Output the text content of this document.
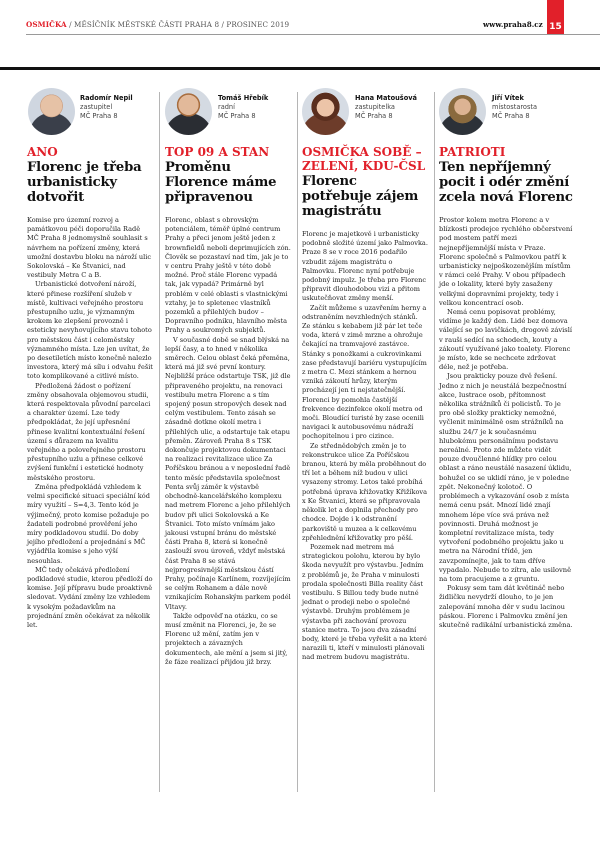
OSMIČKA / MĚSÍČNÍK MĚSTSKÉ ČÁSTI PRAHA 8 / PROSINEC 2019	www.praha8.cz 15
Radomír Nepil
zastupitel
MČ Praha 8
ANO
Florenc je třeba urbanisticky dotvořit

Komise pro územní rozvoj a památkovou péči doporučila Radě MČ Praha 8 jednomyslně souhlasit s návrhem na pořízení změny, která umožní dostavbu bloku na nároží ulic Sokolovská – Ke Štvanici, nad vestibuly Metra C a B.

Urbanistické dotvoření nároží, které přinese rozšíření služeb v místě, kultivaci veřejného prostoru přestupního uzlu, je významným krokem ke zlepšení provozně i esteticky nevyhovujícího stavu tohoto pro městskou část i celoměstsky významného místa. Lze jen uvítat, že po desetiletích místo konečně nalezlo investora, který má sílu i odvahu řešit toto komplikované a citlivé místo.

Předložená žádost o pořízení změny obsahovala objemovou studii, která respektovala původní parcelaci a charakter území. Lze tedy předpokládat, že její upřesnění přinese kvalitní kontextuální řešení území s důrazem na kvalitu veřejného a poloveřejného prostoru přestupního uzlu a přinese celkové zvýšení funkční i estetické hodnoty městského prostoru.

Změna předpokládá vzhledem k velmi specifické situaci speciální kód míry využití – S=4,3. Tento kód je výjimečný, proto komise požaduje po žadateli podrobné prověření jeho míry podkladovou studií. Do doby jejího předložení a projednání s MČ vyjádřila komise s jeho výší nesouhlas.

MČ tedy očekává předložení podkladové studie, kterou předloží do komise. Její přípravu bude proaktivně sledovat. Vydání změny lze vzhledem k vysokým požadavkům na projednání změn očekávat za několik let.

Tomáš Hřebík
radní
MČ Praha 8
TOP 09 A STAN
Proměnu Florence máme připravenou

Florenc, oblast s obrovským potenciálem, téměř úplné centrum Prahy a přeci jenom ještě jeden z brownfieldů neboli deprimujících zón. Člověk se pozastaví nad tím, jak je to v centru Prahy ještě v této době možné. Proč stále Florenc vypadá tak, jak vypadá? Primárně byl problém v celé oblasti s vlastnickými vztahy, je to spletenec vlastníků pozemků a přilehlých budov – Dopravního podniku, hlavního města Prahy a soukromých subjektů.

V současné době se snad blýská na lepší časy, a to hned v několika směrech. Celou oblast čeká přeměna, která má již své první kontury. Nejbližší práce odstartuje TSK, již dle připraveného projektu, na renovaci vestibulu metra Florenc a s tím spojený posun stropových desek nad celým vestibulem. Tento zásah se zásadně dotkne okolí metra i přilehlých ulic, a odstartuje tak etapu přeměn. Zároveň Praha 8 s TSK dokončuje projektovou dokumentaci na realizaci revitalizace ulice Za Poříčskou bránou a v neposlední řadě tento měsíc představila společnost Penta svůj záměr k výstavbě obchodně-kancelářského komplexu nad metrem Florenc a jeho přilehlých budov při ulici Sokolovská a Ke Štvanici. Toto místo vnímám jako jakousi vstupní bránu do městské části Praha 8, která si konečně zaslouží svou úroveň, vždyť městská část Praha 8 se stává nejprogresivnější městskou částí Prahy, počínaje Karlínem, rozvíjejícím se celým Rohanem a dále nově vznikajícím Rohanským parkem podél Vltavy.

Takže odpověď na otázku, co se musí změnit na Florenci, je, že se Florenc už mění, zatím jen v projektech a závazných dokumentech, ale mění a jsem si jitý, že fáze realizací přijdou již brzy.

Hana Matoušová
zastupitelka
MČ Praha 8
OSMIČKA SOBĚ – ZELENÍ, KDU-ČSL
Florenc potřebuje zájem magistrátu

Florenc je majetkově i urbanisticky podobně složité území jako Palmovka. Praze 8 se v roce 2016 podařilo vzbudit zájem magistrátu o Palmovku. Florenc nyní potřebuje podobný impulz. Je třeba pro Florenc připravit dlouhodobou vizi a přitom uskutečňovat změny menší.

Začít můžeme s uzavřením herny a odstraněním nevzhledných stánků. Ze stánku s kebabem již pár let teče voda, která v zimě mrzne a ohrožuje čekající na tramvajové zastávce. Stánky s ponožkami a cukrovinkami zase představují bariéru vystupujícím z metra C. Mezi stánkem a hernou vzniká zákoutí hrůzy, kterým procházejí jen ti nejstatečnější. Florenci by pomohla častější frekvence dezinfekce okolí metra od moči. Bloudící turisté by zase ocenili navigaci k autobusovému nádraží pochopitelnou i pro cizince.

Ze střednědobých změn je to rekonstrukce ulice Za Poříčskou branou, která by měla proběhnout do tří let a během níž budou v ulici vysazeny stromy. Letos také probíhá potřebná úprava křižovatky Křižíkova x Ke Štvanici, která se připravovala několik let a doplnila přechody pro chodce. Dojde i k odstranění parkoviště u muzea a k celkovému zpřehlednění křižovatky pro pěší.

Pozemek nad metrem má strategickou polohu, kterou by bylo škoda nevyužít pro výstavbu. Jedním z problémů je, že Praha v minulosti prodala společnosti Billa reality část vestibulu. S Billou tedy bude nutné jednat o prodeji nebo o společné výstavbě. Druhým problémem je výstavba při zachování provozu stanice metra. To jsou dva zásadní body, které je třeba vyřešit a na které narazili ti, kteří v minulosti plánovali nad metrem budovu magistrátu.

Jiří Vítek
místostarosta
MČ Praha 8
PATRIOTI
Ten nepříjemný pocit i odér změní zcela nová Florenc

Prostor kolem metra Florenc a v blízkosti prodejce rychlého občerstvení pod mostem patří mezi nejnepříjemnější místa v Praze. Florenc společně s Palmovkou patří k urbanisticky nejpoškozenějším místům v rámci celé Prahy. V obou případech jde o lokality, které byly zasaženy velkými dopravními projekty, tedy i velkou koncentrací osob.

Nemá cenu popisovat problémy, vidíme je každý den. Lidé bez domova válející se po lavičkách, drogově závislí v rauši sedící na schodech, kouty a zákoutí využívané jako toalety. Florenc je místo, kde se nechcete zdržovat déle, než je potřeba.

Jsou prakticky pouze dvě řešení. Jedno z nich je neustálá bezpečnostní akce, lustrace osob, přítomnost několika strážníků či policistů. To je pro obě složky prakticky nemožné, vyčlenit minimálně osm strážníků na službu 24/7 je k současnému hlubokému personálnímu podstavu nereálné. Proto zde můžete vidět pouze dvoučlenné hlídky pro celou oblast a ráno neustálé nasazení úklidu, bohužel co se uklidí ráno, je v poledne zpět. Nekonečný kolotoč. O problémech a vykazování osob z místa nemá cenu psát. Mnozí lidé znají mnohem lépe více svá práva než povinnosti. Druhá možnost je kompletní revitalizace místa, tedy vytvoření podobného projektu jako u metra na Národní třídě, jen zavzpomínejte, jak to tam dříve vypadalo. Nebude to zítra, ale usilovně na tom pracujeme a z gruntu.

Pokusy sem tam dát květináč nebo židličku nevydrží dlouho, to je jen zalepování mnoha děr v sudu lacinou páskou. Florenc i Palmovku změní jen skutečně radikální urbanistická změna.
